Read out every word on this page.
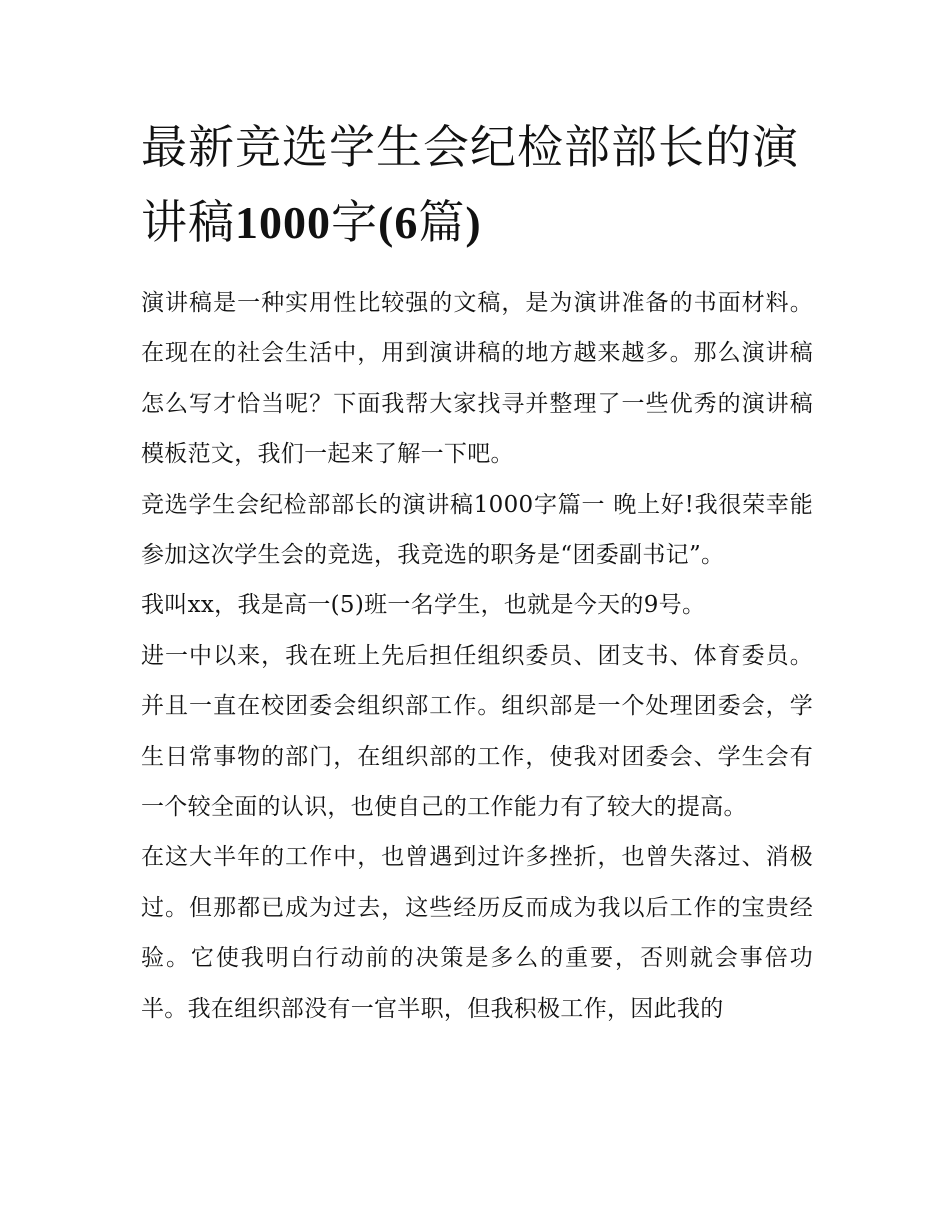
最新竞选学生会纪检部部长的演讲稿1000字(6篇)

演讲稿是一种实用性比较强的文稿，是为演讲准备的书面材料。在现在的社会生活中，用到演讲稿的地方越来越多。那么演讲稿怎么写才恰当呢？下面我帮大家找寻并整理了一些优秀的演讲稿模板范文，我们一起来了解一下吧。

竞选学生会纪检部部长的演讲稿1000字篇一 晚上好!我很荣幸能参加这次学生会的竞选，我竞选的职务是“团委副书记”。

我叫xx，我是高一(5)班一名学生，也就是今天的9号。

进一中以来，我在班上先后担任组织委员、团支书、体育委员。并且一直在校团委会组织部工作。组织部是一个处理团委会，学生日常事物的部门，在组织部的工作，使我对团委会、学生会有一个较全面的认识，也使自己的工作能力有了较大的提高。

在这大半年的工作中，也曾遇到过许多挫折，也曾失落过、消极过。但那都已成为过去，这些经历反而成为我以后工作的宝贵经验。它使我明白行动前的决策是多么的重要，否则就会事倍功半。我在组织部没有一官半职，但我积极工作，因此我的
